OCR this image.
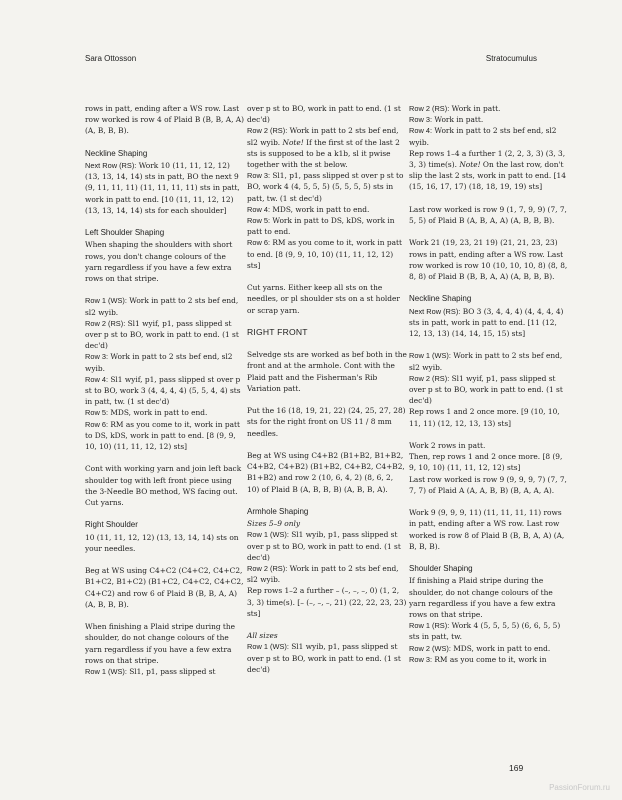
Sara Ottosson	Stratocumulus

rows in patt, ending after a WS row. Last row worked is row 4 of Plaid B (B, B, A, A) (A, B, B, B).

Neckline Shaping

Next Row (RS): Work 10 (11, 11, 12, 12) (13, 13, 14, 14) sts in patt, BO the next 9 (9, 11, 11, 11) (11, 11, 11, 11) sts in patt, work in patt to end. [10 (11, 11, 12, 12) (13, 13, 14, 14) sts for each shoulder]

Left Shoulder Shaping

When shaping the shoulders with short rows, you don't change colours of the yarn regardless if you have a few extra rows on that stripe.

Row 1 (WS): Work in patt to 2 sts bef end, sl2 wyib.

Row 2 (RS): Sl1 wyif, p1, pass slipped st over p st to BO, work in patt to end. (1 st dec'd)

Row 3: Work in patt to 2 sts bef end, sl2 wyib.

Row 4: Sl1 wyif, p1, pass slipped st over p st to BO, work 3 (4, 4, 4, 4) (5, 5, 4, 4) sts in patt, tw. (1 st dec'd)

Row 5: MDS, work in patt to end.

Row 6: RM as you come to it, work in patt to DS, kDS, work in patt to end. [8 (9, 9, 10, 10) (11, 11, 12, 12) sts]

Cont with working yarn and join left back shoulder tog with left front piece using the 3-Needle BO method, WS facing out. Cut yarns.

Right Shoulder

10 (11, 11, 12, 12) (13, 13, 14, 14) sts on your needles.

Beg at WS using C4+C2 (C4+C2, C4+C2, B1+C2, B1+C2) (B1+C2, C4+C2, C4+C2, C4+C2) and row 6 of Plaid B (B, B, A, A) (A, B, B, B).

When finishing a Plaid stripe during the shoulder, do not change colours of the yarn regardless if you have a few extra rows on that stripe.

Row 1 (WS): Sl1, p1, pass slipped st

over p st to BO, work in patt to end. (1 st dec'd)

Row 2 (RS): Work in patt to 2 sts bef end, sl2 wyib. Note! If the first st of the last 2 sts is supposed to be a k1b, sl it pwise together with the st below.

Row 3: Sl1, p1, pass slipped st over p st to BO, work 4 (4, 5, 5, 5) (5, 5, 5, 5) sts in patt, tw. (1 st dec'd)

Row 4: MDS, work in patt to end.

Row 5: Work in patt to DS, kDS, work in patt to end.

Row 6: RM as you come to it, work in patt to end. [8 (9, 9, 10, 10) (11, 11, 12, 12) sts]

Cut yarns. Either keep all sts on the needles, or pl shoulder sts on a st holder or scrap yarn.

RIGHT FRONT

Selvedge sts are worked as bef both in the front and at the armhole. Cont with the Plaid patt and the Fisherman's Rib Variation patt.

Put the 16 (18, 19, 21, 22) (24, 25, 27, 28) sts for the right front on US 11 / 8 mm needles.

Beg at WS using C4+B2 (B1+B2, B1+B2, C4+B2, C4+B2) (B1+B2, C4+B2, C4+B2, B1+B2) and row 2 (10, 6, 4, 2) (8, 6, 2, 10) of Plaid B (A, B, B, B) (A, B, B, A).

Armhole Shaping

Sizes 5–9 only

Row 1 (WS): Sl1 wyib, p1, pass slipped st over p st to BO, work in patt to end. (1 st dec'd)

Row 2 (RS): Work in patt to 2 sts bef end, sl2 wyib.

Rep rows 1–2 a further – (–, –, –, 0) (1, 2, 3, 3) time(s). [– (–, –, –, 21) (22, 22, 23, 23) sts]

All sizes

Row 1 (WS): Sl1 wyib, p1, pass slipped st over p st to BO, work in patt to end. (1 st dec'd)

Row 2 (RS): Work in patt.

Row 3: Work in patt.

Row 4: Work in patt to 2 sts bef end, sl2 wyib.

Rep rows 1–4 a further 1 (2, 2, 3, 3) (3, 3, 3, 3) time(s). Note! On the last row, don't slip the last 2 sts, work in patt to end. [14 (15, 16, 17, 17) (18, 18, 19, 19) sts]

Last row worked is row 9 (1, 7, 9, 9) (7, 7, 5, 5) of Plaid B (A, B, A, A) (A, B, B, B).

Work 21 (19, 23, 21 19) (21, 21, 23, 23) rows in patt, ending after a WS row. Last row worked is row 10 (10, 10, 10, 8) (8, 8, 8, 8) of Plaid B (B, B, A, A) (A, B, B, B).

Neckline Shaping

Next Row (RS): BO 3 (3, 4, 4, 4) (4, 4, 4, 4) sts in patt, work in patt to end. [11 (12, 12, 13, 13) (14, 14, 15, 15) sts]

Row 1 (WS): Work in patt to 2 sts bef end, sl2 wyib.

Row 2 (RS): Sl1 wyif, p1, pass slipped st over p st to BO, work in patt to end. (1 st dec'd)

Rep rows 1 and 2 once more. [9 (10, 10, 11, 11) (12, 12, 13, 13) sts]

Work 2 rows in patt.

Then, rep rows 1 and 2 once more. [8 (9, 9, 10, 10) (11, 11, 12, 12) sts]

Last row worked is row 9 (9, 9, 9, 7) (7, 7, 7, 7) of Plaid A (A, A, B, B) (B, A, A, A).

Work 9 (9, 9, 9, 11) (11, 11, 11, 11) rows in patt, ending after a WS row. Last row worked is row 8 of Plaid B (B, B, A, A) (A, B, B, B).

Shoulder Shaping

If finishing a Plaid stripe during the shoulder, do not change colours of the yarn regardless if you have a few extra rows on that stripe.

Row 1 (RS): Work 4 (5, 5, 5, 5) (6, 6, 5, 5) sts in patt, tw.

Row 2 (WS): MDS, work in patt to end.

Row 3: RM as you come to it, work in

169
PassionForum.ru
